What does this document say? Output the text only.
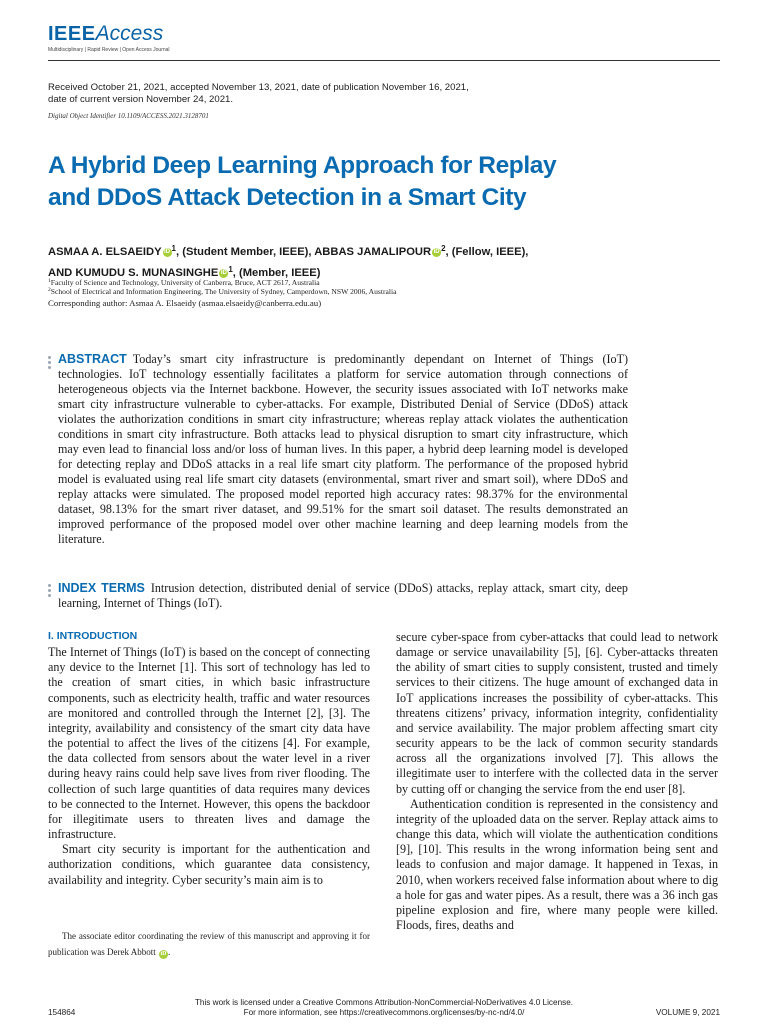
IEEEAccess
Multidisciplinary | Rapid Review | Open Access Journal
Received October 21, 2021, accepted November 13, 2021, date of publication November 16, 2021,
date of current version November 24, 2021.
Digital Object Identifier 10.1109/ACCESS.2021.3128701
A Hybrid Deep Learning Approach for Replay
and DDoS Attack Detection in a Smart City
ASMAA A. ELSAEIDY iD $^1$, (Student Member, IEEE), ABBAS JAMALIPOUR iD $^2$, (Fellow, IEEE),
AND KUMUDU S. MUNASINGHE iD $^1$, (Member, IEEE)
$^1$Faculty of Science and Technology, University of Canberra, Bruce, ACT 2617, Australia
$^2$School of Electrical and Information Engineering, The University of Sydney, Camperdown, NSW 2006, Australia
Corresponding author: Asmaa A. Elsaeidy (asmaa.elsaeidy@canberra.edu.au)
ABSTRACT Today’s smart city infrastructure is predominantly dependant on Internet of Things (IoT) technologies. IoT technology essentially facilitates a platform for service automation through connections of heterogeneous objects via the Internet backbone. However, the security issues associated with IoT networks make smart city infrastructure vulnerable to cyber-attacks. For example, Distributed Denial of Service (DDoS) attack violates the authorization conditions in smart city infrastructure; whereas replay attack violates the authentication conditions in smart city infrastructure. Both attacks lead to physical disruption to smart city infrastructure, which may even lead to financial loss and/or loss of human lives. In this paper, a hybrid deep learning model is developed for detecting replay and DDoS attacks in a real life smart city platform. The performance of the proposed hybrid model is evaluated using real life smart city datasets (environmental, smart river and smart soil), where DDoS and replay attacks were simulated. The proposed model reported high accuracy rates: 98.37% for the environmental dataset, 98.13% for the smart river dataset, and 99.51% for the smart soil dataset. The results demonstrated an improved performance of the proposed model over other machine learning and deep learning models from the literature.
INDEX TERMS Intrusion detection, distributed denial of service (DDoS) attacks, replay attack, smart city, deep learning, Internet of Things (IoT).
I. INTRODUCTION

The Internet of Things (IoT) is based on the concept of connecting any device to the Internet [1]. This sort of technology has led to the creation of smart cities, in which basic infrastructure components, such as electricity health, traffic and water resources are monitored and controlled through the Internet [2], [3]. The integrity, availability and consistency of the smart city data have the potential to affect the lives of the citizens [4]. For example, the data collected from sensors about the water level in a river during heavy rains could help save lives from river flooding. The collection of such large quantities of data requires many devices to be connected to the Internet. However, this opens the backdoor for illegitimate users to threaten lives and damage the infrastructure.

Smart city security is important for the authentication and authorization conditions, which guarantee data consistency, availability and integrity. Cyber security’s main aim is to

secure cyber-space from cyber-attacks that could lead to network damage or service unavailability [5], [6]. Cyber-attacks threaten the ability of smart cities to supply consistent, trusted and timely services to their citizens. The huge amount of exchanged data in IoT applications increases the possibility of cyber-attacks. This threatens citizens’ privacy, information integrity, confidentiality and service availability. The major problem affecting smart city security appears to be the lack of common security standards across all the organizations involved [7]. This allows the illegitimate user to interfere with the collected data in the server by cutting off or changing the service from the end user [8].

Authentication condition is represented in the consistency and integrity of the uploaded data on the server. Replay attack aims to change this data, which will violate the authentication conditions [9], [10]. This results in the wrong information being sent and leads to confusion and major damage. It happened in Texas, in 2010, when workers received false information about where to dig a hole for gas and water pipes. As a result, there was a 36 inch gas pipeline explosion and fire, where many people were killed. Floods, fires, deaths and

The associate editor coordinating the review of this manuscript and approving it for publication was Derek Abbott iD .
This work is licensed under a Creative Commons Attribution-NonCommercial-NoDerivatives 4.0 License.
For more information, see https://creativecommons.org/licenses/by-nc-nd/4.0/
154864	VOLUME 9, 2021
